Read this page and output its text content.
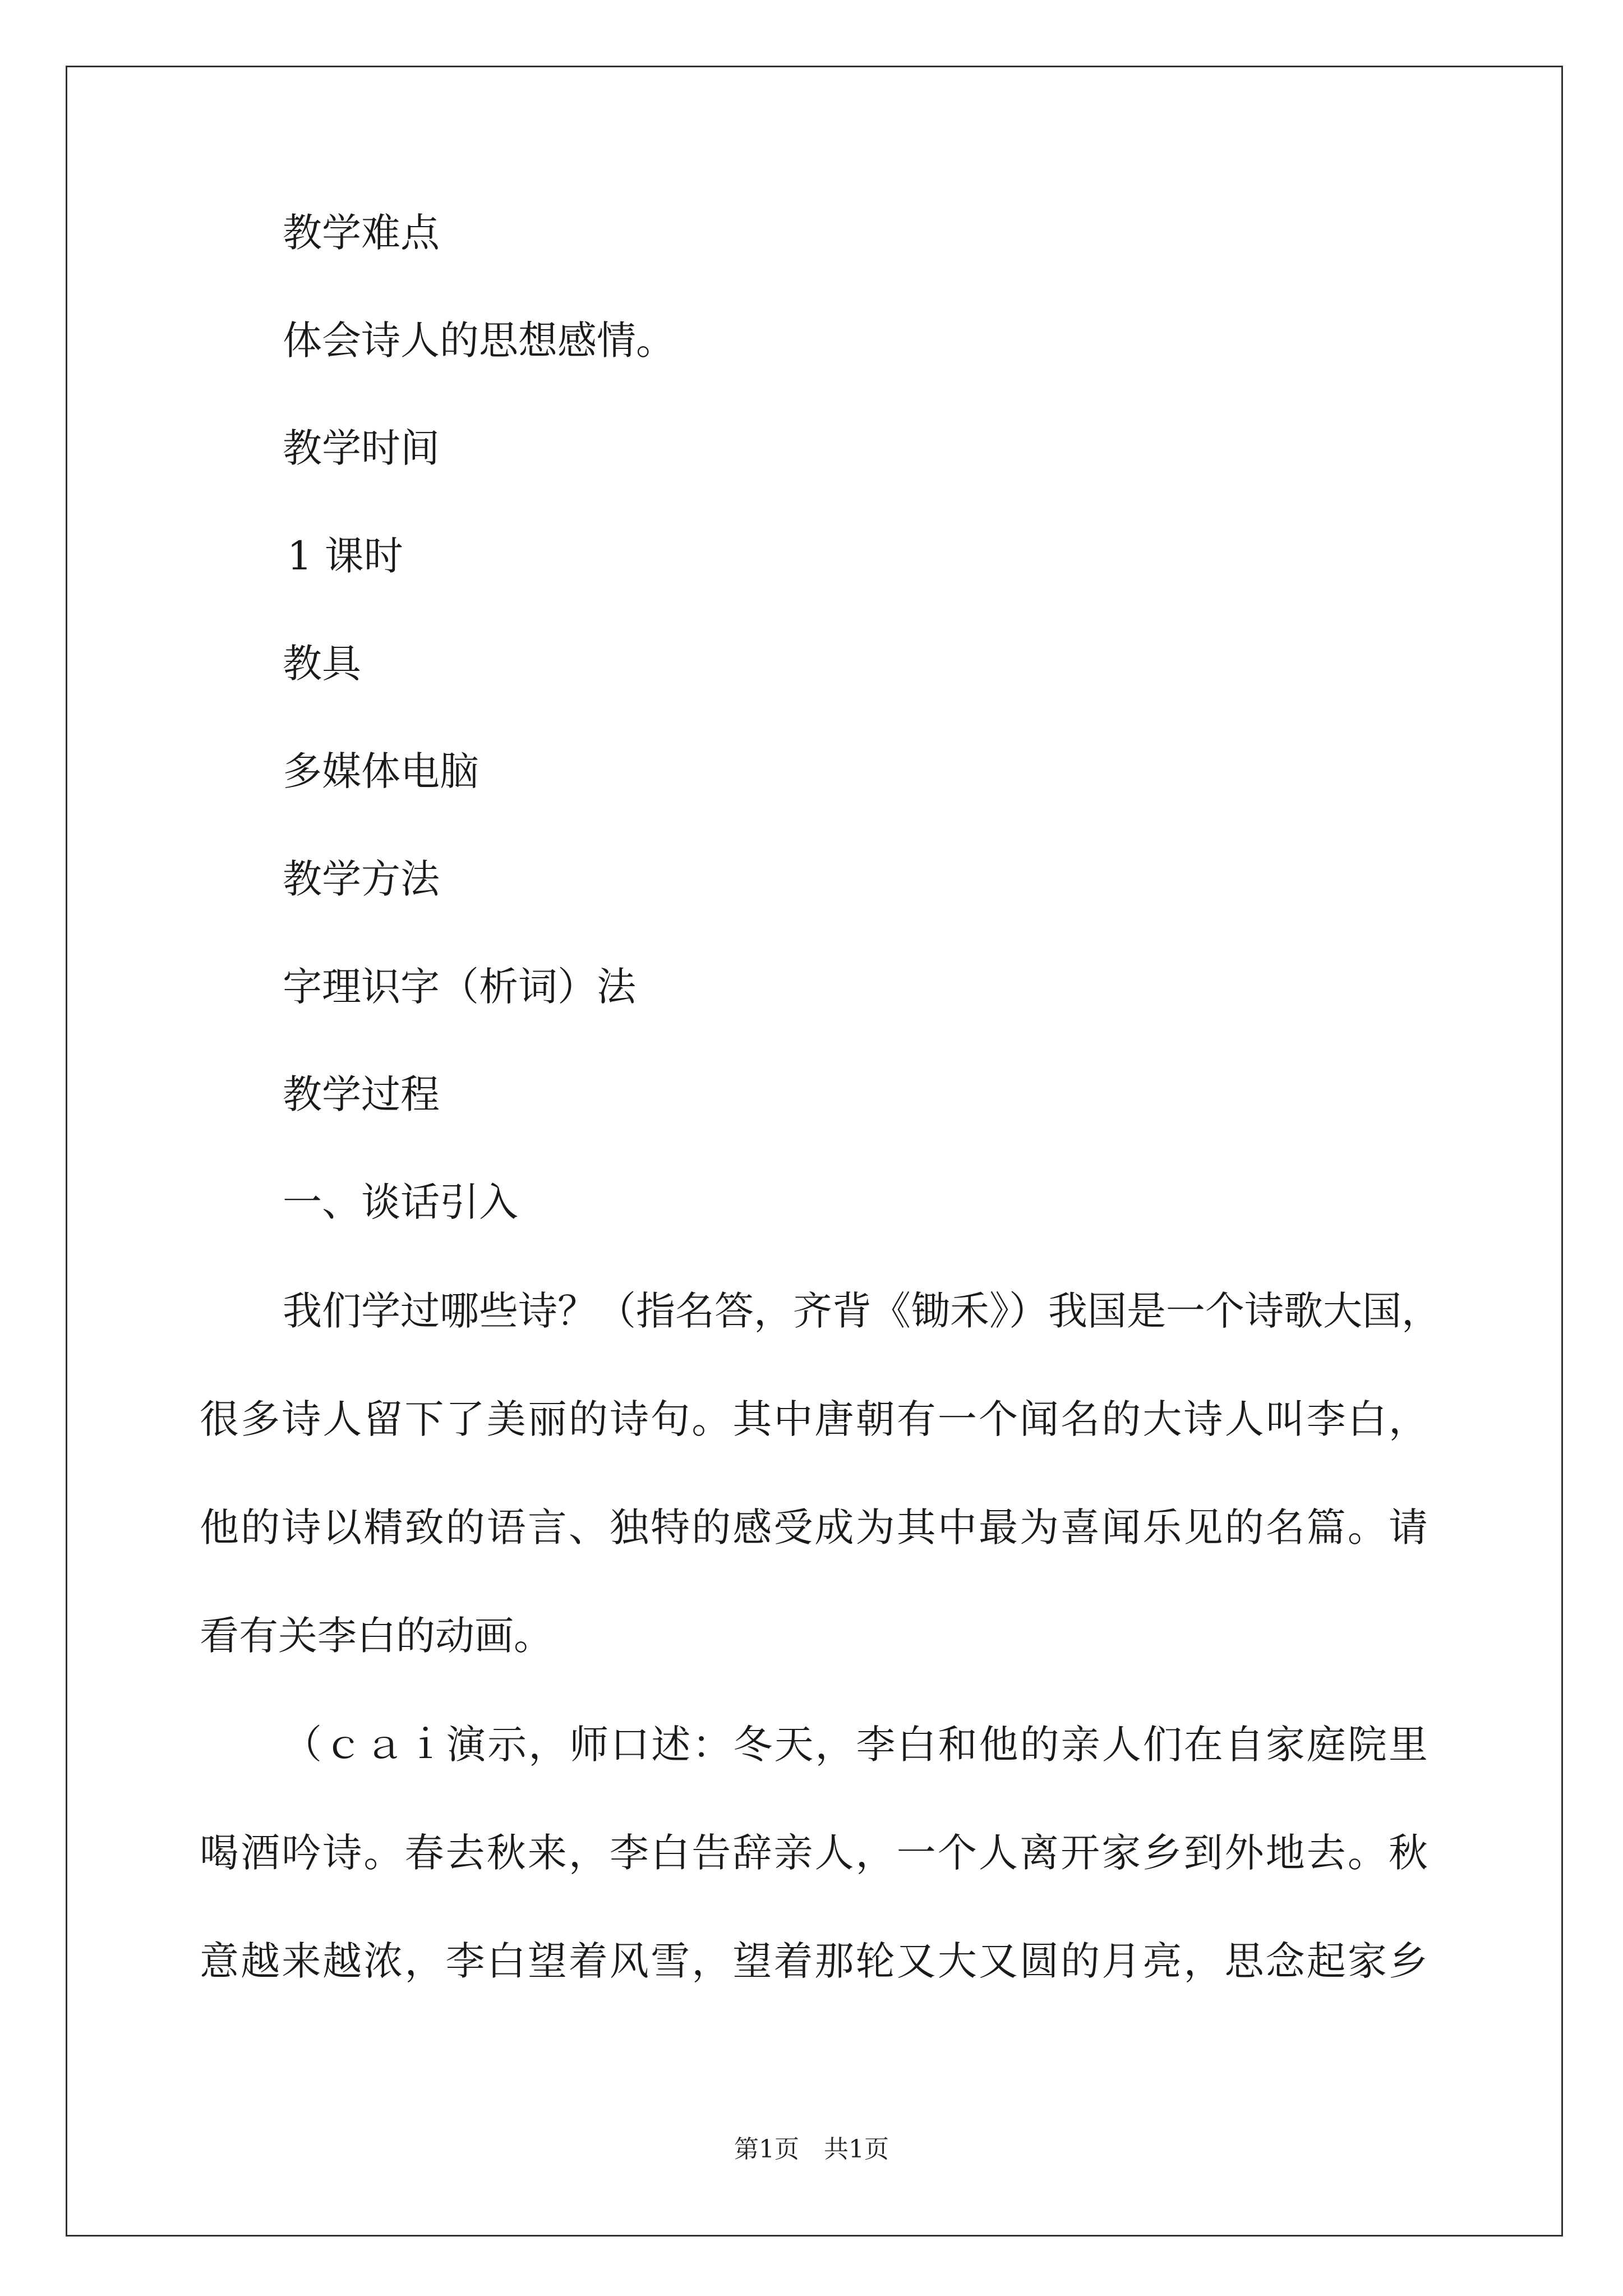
教学难点

体会诗人的思想感情。

教学时间

1 课时

教具

多媒体电脑

教学方法

字理识字（析词）法

教学过程

一、谈话引入

我们学过哪些诗？（指名答，齐背《锄禾》）我国是一个诗歌大国，
很多诗人留下了美丽的诗句。其中唐朝有一个闻名的大诗人叫李白，
他的诗以精致的语言、独特的感受成为其中最为喜闻乐见的名篇。请
看有关李白的动画。
（ｃａｉ演示，师口述：冬天，李白和他的亲人们在自家庭院里
喝酒吟诗。春去秋来，李白告辞亲人，一个人离开家乡到外地去。秋
意越来越浓，李白望着风雪，望着那轮又大又圆的月亮，思念起家乡
第1页　共1页
